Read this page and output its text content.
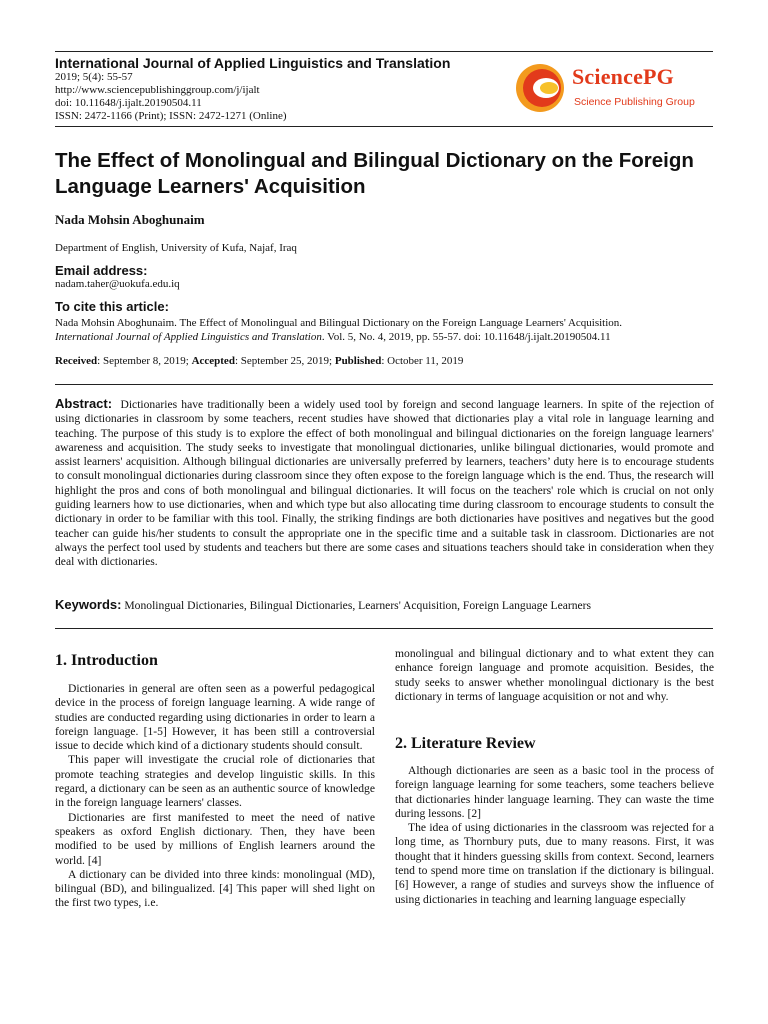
International Journal of Applied Linguistics and Translation
2019; 5(4): 55-57
http://www.sciencepublishinggroup.com/j/ijalt
doi: 10.11648/j.ijalt.20190504.11
ISSN: 2472-1166 (Print); ISSN: 2472-1271 (Online)
SciencePG
Science Publishing Group
The Effect of Monolingual and Bilingual Dictionary on the Foreign Language Learners' Acquisition
Nada Mohsin Aboghunaim
Department of English, University of Kufa, Najaf, Iraq
Email address:
nadam.taher@uokufa.edu.iq
To cite this article:
Nada Mohsin Aboghunaim. The Effect of Monolingual and Bilingual Dictionary on the Foreign Language Learners' Acquisition.
International Journal of Applied Linguistics and Translation. Vol. 5, No. 4, 2019, pp. 55-57. doi: 10.11648/j.ijalt.20190504.11
Received: September 8, 2019; Accepted: September 25, 2019; Published: October 11, 2019
Abstract: Dictionaries have traditionally been a widely used tool by foreign and second language learners. In spite of the rejection of using dictionaries in classroom by some teachers, recent studies have showed that dictionaries play a vital role in language learning and teaching. The purpose of this study is to explore the effect of both monolingual and bilingual dictionaries on the foreign language learners' awareness and acquisition. The study seeks to investigate that monolingual dictionaries, unlike bilingual dictionaries, would promote and assist learners' acquisition. Although bilingual dictionaries are universally preferred by learners, teachers’ duty here is to encourage students to consult monolingual dictionaries during classroom since they often expose to the foreign language which is the end. Thus, the research will highlight the pros and cons of both monolingual and bilingual dictionaries. It will focus on the teachers' role which is crucial on not only guiding learners how to use dictionaries, when and which type but also allocating time during classroom to encourage students to consult the dictionary in order to be familiar with this tool. Finally, the striking findings are both dictionaries have positives and negatives but the good teacher can guide his/her students to consult the appropriate one in the specific time and a suitable task in classroom. Dictionaries are not always the perfect tool used by students and teachers but there are some cases and situations teachers should take in consideration when they deal with dictionaries.
Keywords: Monolingual Dictionaries, Bilingual Dictionaries, Learners' Acquisition, Foreign Language Learners
1. Introduction

Dictionaries in general are often seen as a powerful pedagogical device in the process of foreign language learning. A wide range of studies are conducted regarding using dictionaries in order to learn a foreign language. [1-5] However, it has been still a controversial issue to decide which kind of a dictionary students should consult.

This paper will investigate the crucial role of dictionaries that promote teaching strategies and develop linguistic skills. In this regard, a dictionary can be seen as an authentic source of knowledge in the foreign language learners' classes.

Dictionaries are first manifested to meet the need of native speakers as oxford English dictionary. Then, they have been modified to be used by millions of English learners around the world. [4]

A dictionary can be divided into three kinds: monolingual (MD), bilingual (BD), and bilingualized. [4] This paper will shed light on the first two types, i.e.

monolingual and bilingual dictionary and to what extent they can enhance foreign language and promote acquisition. Besides, the study seeks to answer whether monolingual dictionary is the best dictionary in terms of language acquisition or not and why.

2. Literature Review

Although dictionaries are seen as a basic tool in the process of foreign language learning for some teachers, some teachers believe that dictionaries hinder language learning. They can waste the time during lessons. [2]

The idea of using dictionaries in the classroom was rejected for a long time, as Thornbury puts, due to many reasons. First, it was thought that it hinders guessing skills from context. Second, learners tend to spend more time on translation if the dictionary is bilingual. [6] However, a range of studies and surveys show the influence of using dictionaries in teaching and learning language especially
